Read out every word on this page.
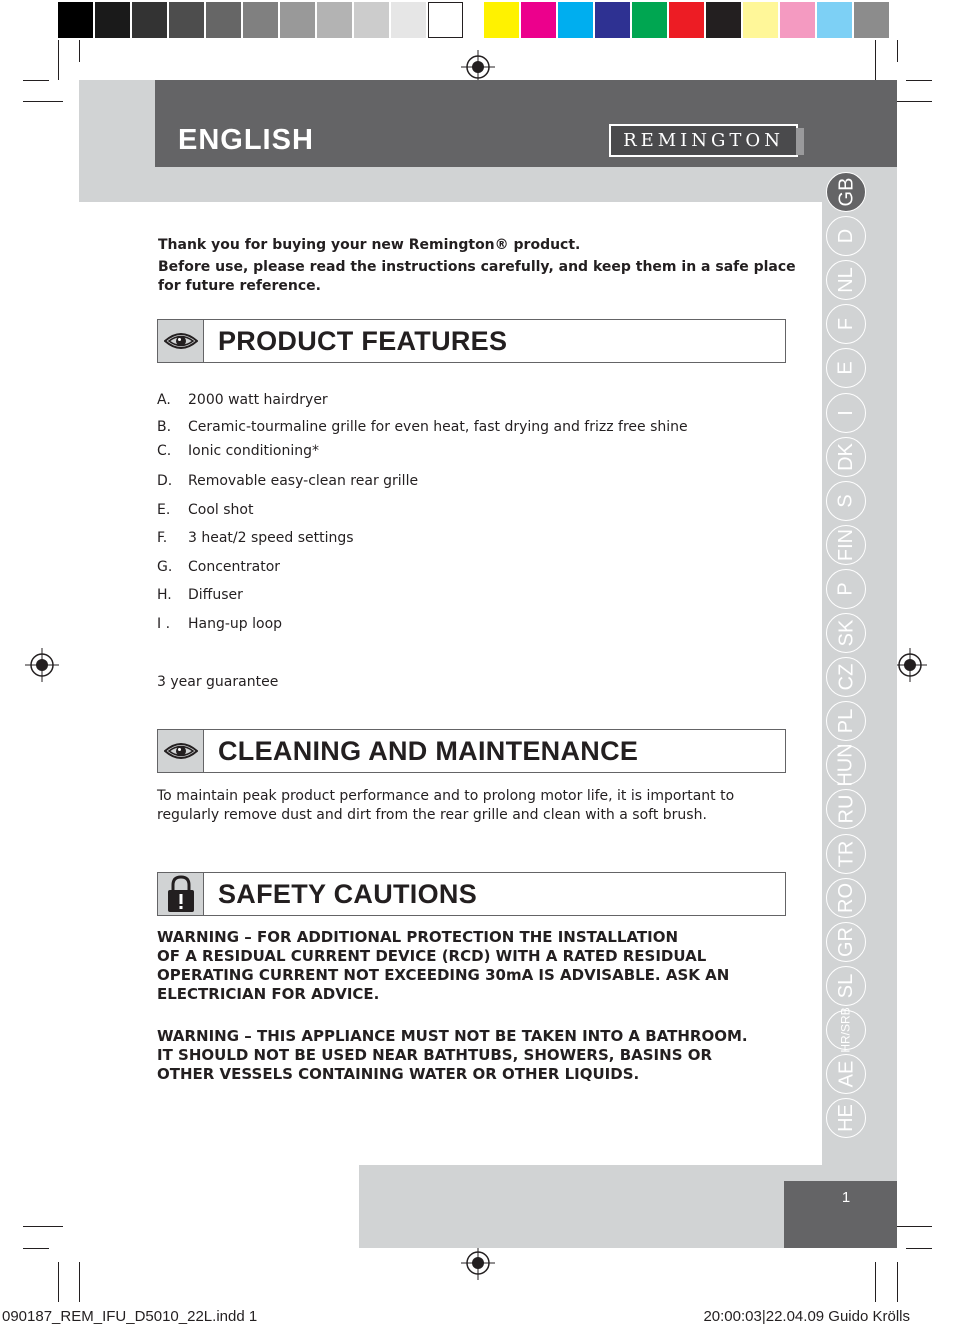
ENGLISH	REMINGTON
GB
D
NL
F
E
I
DK
S
FIN
P
SK
CZ
PL
HUN
RU
TR
RO
GR
SL
HR/SRB
AE
HE
Thank you for buying your new Remington® product.
Before use, please read the instructions carefully, and keep them in a safe place
for future reference.
PRODUCT FEATURES
A. 2000 watt hairdryer
B. Ceramic-tourmaline grille for even heat, fast drying and frizz free shine
C. Ionic conditioning*
D. Removable easy-clean rear grille
E. Cool shot
F. 3 heat/2 speed settings
G. Concentrator
H. Diffuser
I . Hang-up loop
3 year guarantee
CLEANING AND MAINTENANCE
To maintain peak product performance and to prolong motor life, it is important to
regularly remove dust and dirt from the rear grille and clean with a soft brush.
SAFETY CAUTIONS
WARNING – FOR ADDITIONAL PROTECTION THE INSTALLATION
OF A RESIDUAL CURRENT DEVICE (RCD) WITH A RATED RESIDUAL
OPERATING CURRENT NOT EXCEEDING 30mA IS ADVISABLE. ASK AN
ELECTRICIAN FOR ADVICE.
WARNING – THIS APPLIANCE MUST NOT BE TAKEN INTO A BATHROOM.
IT SHOULD NOT BE USED NEAR BATHTUBS, SHOWERS, BASINS OR
OTHER VESSELS CONTAINING WATER OR OTHER LIQUIDS.
1
090187_REM_IFU_D5010_22L.indd 1	20:00:03|22.04.09 Guido Krölls
